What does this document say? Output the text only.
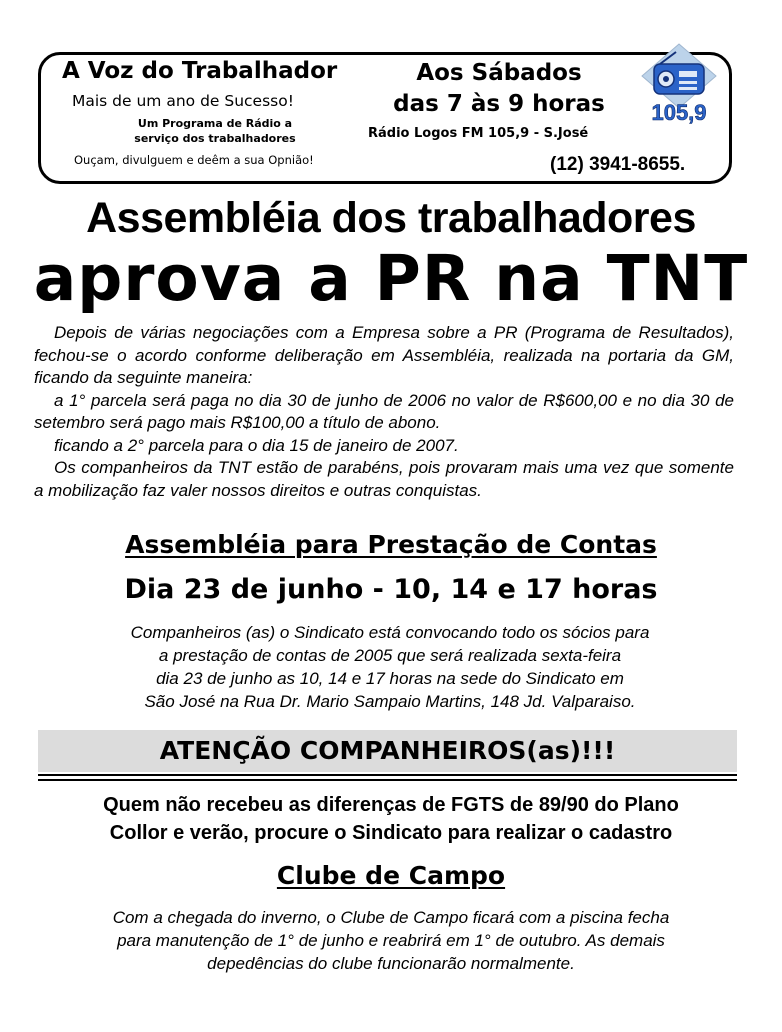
A Voz do Trabalhador
Mais de um ano de Sucesso!
Um Programa de Rádio a
serviço dos trabalhadores
Ouçam, divulguem e deêm a sua Opnião!
Aos Sábados
das 7 às 9 horas
Rádio Logos FM 105,9 - S.José
(12) 3941-8655.
105,9
Assembléia dos trabalhadores
aprova a PR na TNT

Depois de várias negociações com a Empresa sobre a PR (Programa de Resultados), fechou-se o acordo conforme deliberação em Assembléia, realizada na portaria da GM, ficando da seguinte maneira:

a 1° parcela será paga no dia 30 de junho de 2006 no valor de R$600,00 e no dia 30 de setembro será pago mais R$100,00 a título de abono.

ficando a 2° parcela para o dia 15 de janeiro de 2007.

Os companheiros da TNT estão de parabéns, pois provaram mais uma vez que somente a mobilização faz valer nossos direitos e outras conquistas.

Assembléia para Prestação de Contas
Dia 23 de junho - 10, 14 e 17 horas
Companheiros (as) o Sindicato está convocando todo os sócios para
a prestação de contas de 2005 que será realizada sexta-feira
dia 23 de junho as 10, 14 e 17 horas na sede do Sindicato em
São José na Rua Dr. Mario Sampaio Martins, 148 Jd. Valparaiso.
ATENÇÃO COMPANHEIROS(as)!!!
Quem não recebeu as diferenças de FGTS de 89/90 do Plano
Collor e verão, procure o Sindicato para realizar o cadastro
Clube de Campo
Com a chegada do inverno, o Clube de Campo ficará com a piscina fecha
para manutenção de 1° de junho e reabrirá em 1° de outubro. As demais
depedências do clube funcionarão normalmente.
